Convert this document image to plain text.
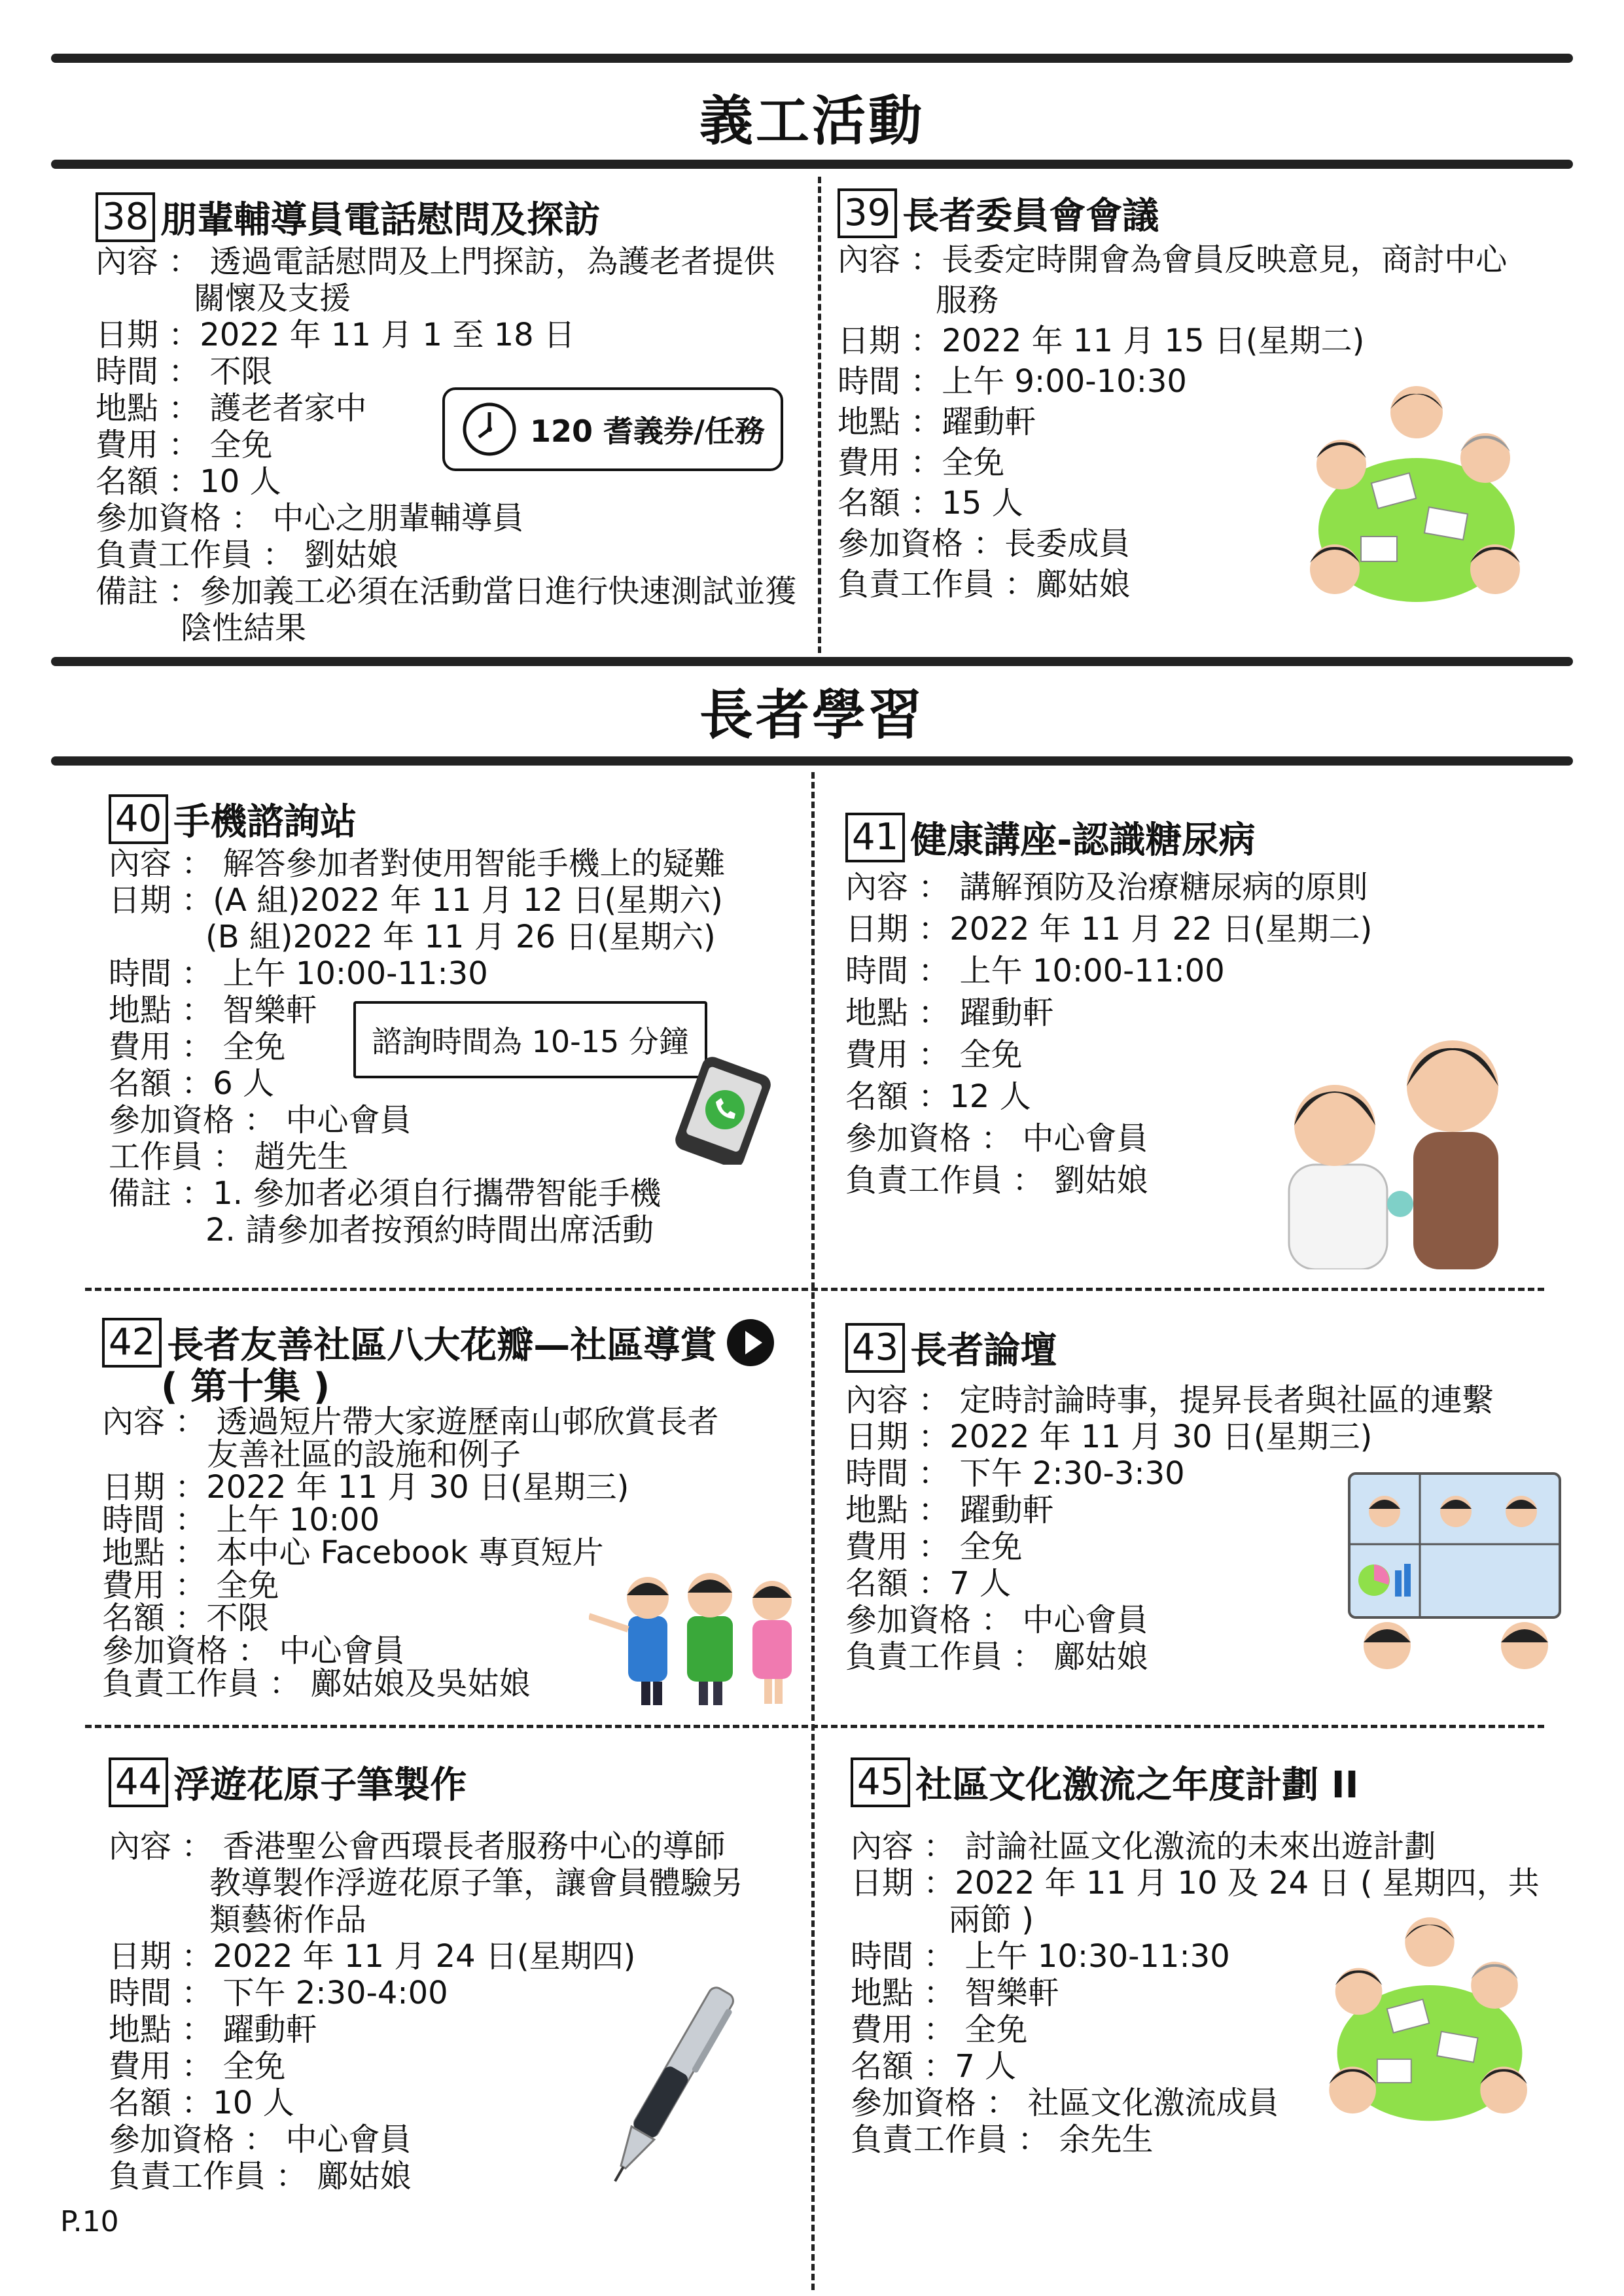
義工活動
長者學習
38 朋輩輔導員電話慰問及探訪
內容 ： 透過電話慰問及上門探訪，為護老者提供
關懷及支援
日期 ：2022 年 11 月 1 至 18 日
時間 ： 不限
地點 ： 護老者家中
費用 ： 全免
名額 ：10 人
參加資格 ： 中心之朋輩輔導員
負責工作員 ： 劉姑娘
備註 ：參加義工必須在活動當日進行快速測試並獲
陰性結果
120 耆義券/任務
39 長者委員會會議
內容 ：長委定時開會為會員反映意見，商討中心
服務
日期 ：2022 年 11 月 15 日(星期二)
時間 ：上午 9:00-10:30
地點 ：躍動軒
費用 ：全免
名額 ：15 人
參加資格 ：長委成員
負責工作員 ：鄺姑娘
40 手機諮詢站
內容 ： 解答參加者對使用智能手機上的疑難
日期 ：(A 組)2022 年 11 月 12 日(星期六)
(B 組)2022 年 11 月 26 日(星期六)
時間 ： 上午 10:00-11:30
地點 ： 智樂軒
費用 ： 全免
名額 ：6 人
參加資格 ： 中心會員
工作員 ： 趙先生
備註 ：1. 參加者必須自行攜帶智能手機
2. 請參加者按預約時間出席活動
諮詢時間為 10-15 分鐘
41 健康講座-認識糖尿病
內容 ： 講解預防及治療糖尿病的原則
日期 ：2022 年 11 月 22 日(星期二)
時間 ： 上午 10:00-11:00
地點 ： 躍動軒
費用 ： 全免
名額 ：12 人
參加資格 ： 中心會員
負責工作員 ： 劉姑娘
42 長者友善社區八大花瓣—社區導賞
( 第十集 )
內容 ： 透過短片帶大家遊歷南山邨欣賞長者
友善社區的設施和例子
日期 ：2022 年 11 月 30 日(星期三)
時間 ： 上午 10:00
地點 ： 本中心 Facebook 專頁短片
費用 ： 全免
名額 ：不限
參加資格 ： 中心會員
負責工作員 ： 鄺姑娘及吳姑娘
43 長者論壇
內容 ： 定時討論時事，提昇長者與社區的連繫
日期 ：2022 年 11 月 30 日(星期三)
時間 ： 下午 2:30-3:30
地點 ： 躍動軒
費用 ： 全免
名額 ：7 人
參加資格 ： 中心會員
負責工作員 ： 鄺姑娘
44 浮遊花原子筆製作
內容 ： 香港聖公會西環長者服務中心的導師
教導製作浮遊花原子筆，讓會員體驗另
類藝術作品
日期 ：2022 年 11 月 24 日(星期四)
時間 ： 下午 2:30-4:00
地點 ： 躍動軒
費用 ： 全免
名額 ：10 人
參加資格 ： 中心會員
負責工作員 ： 鄺姑娘
45 社區文化激流之年度計劃 II
內容 ： 討論社區文化激流的未來出遊計劃
日期 ：2022 年 11 月 10 及 24 日 ( 星期四，共
兩節 )
時間 ： 上午 10:30-11:30
地點 ： 智樂軒
費用 ： 全免
名額 ：7 人
參加資格 ： 社區文化激流成員
負責工作員 ： 余先生
P.10
